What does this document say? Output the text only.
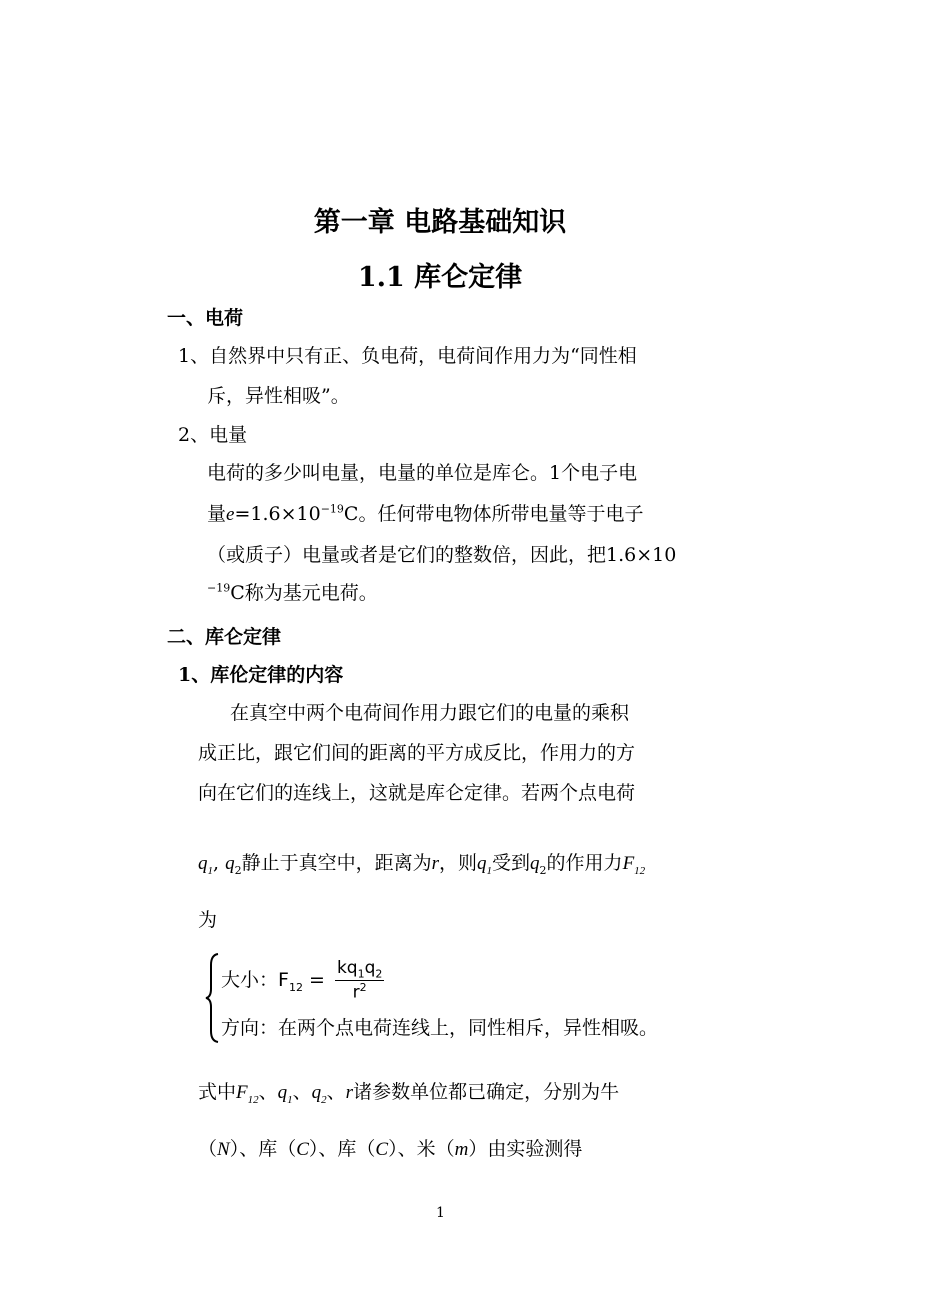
第一章 电路基础知识
1.1 库仑定律
一、电荷
1、自然界中只有正、负电荷，电荷间作用力为“同性相
斥，异性相吸”。
2、电量
电荷的多少叫电量，电量的单位是库仑。1个电子电
量$e=1.6\times 10^{-19}C$。任何带电物体所带电量等于电子
（或质子）电量或者是它们的整数倍，因此，把1.6×10
$^{-19}$C称为基元电荷。
二、库仑定律
1、库伦定律的内容
在真空中两个电荷间作用力跟它们的电量的乘积
成正比，跟它们间的距离的平方成反比，作用力的方
向在它们的连线上，这就是库仑定律。若两个点电荷
$q_1$, $q_2$静止于真空中，距离为r，则$q_1$受到$q_2$的作用力$F_{12}$
为
大小：$F_{12} = \frac{kq_1q_2}{r^2}$
方向：在两个点电荷连线上，同性相斥，异性相吸。
式中$F_{12}$、$q_1$、$q_2$、r诸参数单位都已确定，分别为牛
（N）、库（C）、库（C）、米（m）由实验测得
1
